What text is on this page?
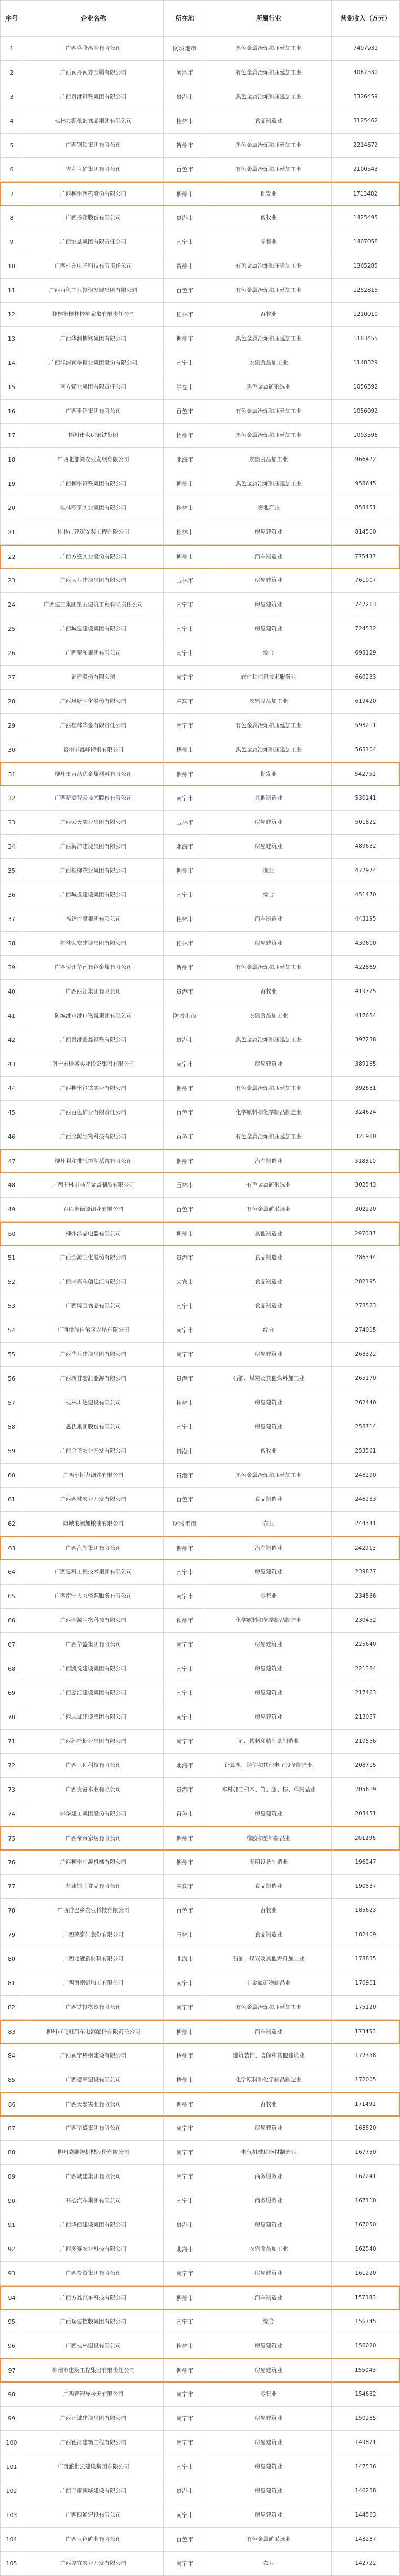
序号	企业名称	所在地	所属行业	营业收入（万元）
1	广西盛隆冶金有限公司	防城港市	黑色金属冶炼和压延加工业	7497931
2	广西南丹南方金属有限公司	河池市	有色金属冶炼和压延加工业	4087530
3	广西贵港钢铁集团有限公司	贵港市	黑色金属冶炼和压延加工业	3326459
4	桂林力源粮油食品集团有限公司	桂林市	食品制造业	3125462
5	广西钢铁集团有限公司	贺州市	黑色金属冶炼和压延加工业	2214672
6	吉利百矿集团有限公司	百色市	有色金属冶炼和压延加工业	2100543
7	广西柳州医药股份有限公司	柳州市	批发业	1713482
8	广西扬翔股份有限公司	贵港市	畜牧业	1425495
9	广西农垦集团有限责任公司	南宁市	零售业	1407058
10	广西桂东电子科技有限责任公司	贺州市	有色金属冶炼和压延加工业	1365285
11	广西百色工业投资发展集团有限公司	百色市	有色金属冶炼和压延加工业	1252815
12	桂林市桂林桂柳家禽有限责任公司	桂林市	畜牧业	1210010
13	广西华润柳钢集团有限公司	柳州市	黑色金属冶炼和压延加工业	1183455
14	广西洋浦南华糖业集团股份有限公司	南宁市	农副食品加工业	1148329
15	南方锰业集团有限责任公司	崇左市	黑色金属矿采选业	1056592
16	广西平铝集团有限公司	百色市	有色金属冶炼和压延加工业	1056092
17	梧州市永达钢铁集团	梧州市	黑色金属冶炼和压延加工业	1003596
18	广西北部湾农业发展有限公司	北海市	农副食品加工业	966472
19	广西柳州钢铁集团有限公司	柳州市	黑色金属冶炼和压延加工业	958645
20	桂林彰泰实业集团有限公司	桂林市	房地产业	858451
21	桂林市建筑安装工程有限公司	桂林市	房屋建筑业	814500
22	广西方盛实业股份有限公司	柳州市	汽车制造业	775437
23	广西大业建设集团有限公司	玉林市	房屋建筑业	761907
24	广西建工集团第五建筑工程有限责任公司	南宁市	房屋建筑业	747263
25	广西城建建设集团有限公司	南宁市	房屋建筑业	724532
26	广西荣和集团有限公司	南宁市	综合	698129
27	润建股份有限公司	南宁市	软件和信息技术服务业	660233
28	广西凤糖生化股份有限公司	来宾市	农副食品加工业	619420
29	广西桂林华金有限责任公司	南宁市	有色金属冶炼和压延加工业	593211
30	梧州市鑫峰特钢有限公司	梧州市	黑色金属冶炼和压延加工业	565104
31	柳州市百品优金属材料有限公司	柳州市	批发业	542751
32	广西新豪智云技术股份有限公司	南宁市	其他制造业	530141
33	广西云天实业集团有限公司	玉林市	房屋建筑业	501822
34	广西海洋建设集团有限公司	北海市	房屋建筑业	489632
35	广西桂柳牧业集团有限公司	柳州市	渔业	472974
36	广西城投建设集团有限公司	南宁市	综合	451470
37	福达控股集团有限公司	桂林市	汽车制造业	443195
38	桂林荣安建设集团有限公司	桂林市	房屋建筑业	430600
39	广西贺州华南有色金属有限公司	贺州市	有色金属冶炼和压延加工业	422869
40	广西西江集团有限公司	贵港市	畜牧业	419725
41	防城港市港口物流集团有限公司	防城港市	农副食品加工业	417654
42	广西贵港鑫鑫钢铁有限公司	贵港市	黑色金属冶炼和压延加工业	397238
43	南宁市桂盛实业投资集团有限公司	南宁市	房屋建筑业	389165
44	广西柳州钢铁实业有限公司	柳州市	有色金属冶炼和压延加工业	392681
45	广西百色矿业有限责任公司	百色市	化学原料和化学制品制造业	324624
46	广西金源生物科技有限公司	百色市	有色金属冶炼和压延加工业	321980
47	柳州利和排气控制系统有限公司	柳州市	汽车制造业	318310
48	广西玉林市马五金属制品有限公司	玉林市	有色金属矿采选业	302543
49	百色市德源铝业有限公司	百色市	有色金属矿采选业	302220
50	柳州泽晶电器有限公司	柳州市	其他制造业	297037
51	广西金源生化股份有限公司	贵港市	食品制造业	286344
52	广西来宾东糖迁江有限公司	来宾市	食品制造业	282195
53	广西博宣食品有限公司	南宁市	食品制造业	278523
54	广西壮族自治区农垦有限公司	南宁市	综合	274015
55	广西华业建设集团有限公司	南宁市	房屋建筑业	268322
56	广西新甘宏润能源有限公司	贵港市	石油、煤炭及其他燃料加工业	265170
57	桂林川达建设有限公司	桂林市	房屋建筑业	262440
58	惠氏集团股份有限公司	南宁市	房屋建筑业	258714
59	广西金顶农业开发有限公司	贵港市	畜牧业	253561
60	广西小恒力钢铁有限公司	贵港市	黑色金属冶炼和压延加工业	248290
61	广西西林农业开发有限公司	百色市	食品制造业	246233
62	防城港澳加粮油有限公司	防城港市	农业	244341
63	广西汽车集团有限公司	柳州市	汽车制造业	242913
64	广西建科工程技术集团有限公司	南宁市	房屋建筑业	239877
65	广西南宁人力资源服务有限公司	南宁市	零售业	234566
66	广西金源生物科技有限公司	钦州市	化学原料和化学制品制造业	230452
67	广西华盛集团有限公司	南宁市	房屋建筑业	225640
68	广西凯悦建设集团有限公司	南宁市	房屋建筑业	221384
69	广西嘉汇建设集团有限公司	南宁市	房屋建筑业	217463
70	广西志诚建设集团有限公司	南宁市	房屋建筑业	213087
71	广西湘桂糖业集团有限公司	南宁市	酒、饮料和精制茶制造业	210556
72	广西三创科技有限公司	北海市	计算机、通信和其他电子设备制造业	208715
73	广西贵港木业有限公司	贵港市	木材加工和木、竹、藤、棕、草制品业	205619
74	兴华建工集团股份有限公司	百色市	房屋建筑业	203451
75	广西帝帝家居有限公司	柳州市	橡胶和塑料制品业	201296
76	广西柳州中源机械有限公司	柳州市	专用设备制造业	196247
77	盐津铺子食品有限公司	来宾市	食品制造业	190537
78	广西香巴乡农业科技有限公司	百色市	畜牧业	185623
79	广西荣泰仁股份有限公司	玉林市	食品制造业	182409
80	广西北港新材料有限公司	北海市	石油、煤炭及其他燃料加工业	178835
81	广西南南铝加工有限公司	南宁市	非金属矿物制品业	176901
82	广西铁投物资有限公司	南宁市	有色金属冶炼和压延加工业	175120
83	柳州市飞虹汽车电器配件有限责任公司	柳州市	汽车制造业	173453
84	广西南宁梧州建设有限公司	梧州市	建筑装饰、装修和其他建筑业	172358
85	广西德荣建设有限公司	梧州市	化学原料和化学制品制造业	172005
86	广西天宏实业有限公司	柳州市	畜牧业	171491
87	广西华盛集团有限公司	南宁市	房屋建筑业	168520
88	柳州欧维姆机械股份有限公司	南宁市	电气机械和器材制造业	167750
89	广西城建集团有限公司	南宁市	商务服务业	167241
90	开心汽车集团有限公司	南宁市	商务服务业	167110
91	广西华西建设集团有限公司	贵港市	房屋建筑业	167050
92	广西多赛农业科技有限公司	北海市	农副食品加工业	162540
93	广西投资集团有限公司	南宁市	房屋建筑业	161220
94	广西方鑫汽车科技有限公司	柳州市	汽车制造业	157383
95	广西瑞建控股集团有限公司	南宁市	综合	156745
96	广西桂林建设有限公司	桂林市	房屋建筑业	156020
97	柳州市建筑工程集团有限责任公司	柳州市	房屋建筑业	155043
98	广西智智导今天有限公司	南宁市	零售业	154632
99	广西正诚建设集团有限公司	南宁市	房屋建筑业	150285
100	广西德清建筑工程有限公司	南宁市	房屋建筑业	149821
101	广西盛世云建设集团有限公司	南宁市	房屋建筑业	147536
102	广西平南新城建设有限公司	贵港市	房屋建筑业	146258
103	广西四通建设有限公司	南宁市	房屋建筑业	144563
104	广西百色矿业有限公司	百色市	有色金属矿采选业	143287
105	广西嘉宜农业开发有限公司	南宁市	农业	142722
